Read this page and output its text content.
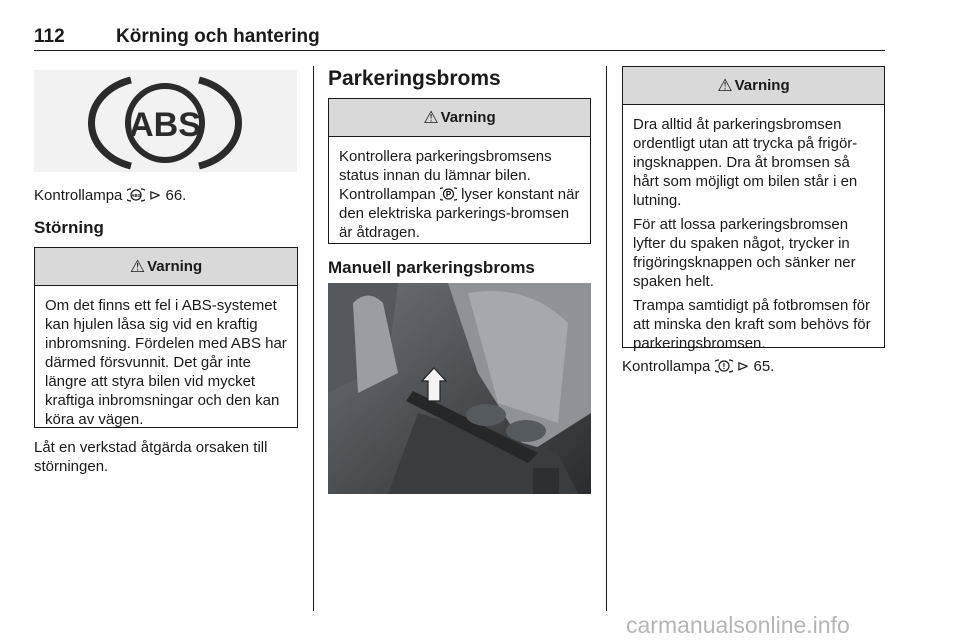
112	Körning och hantering
ABS
Kontrollampa ABS ⊳ 66.
Störning
⚠ Varning
Om det finns ett fel i ABS-systemet kan hjulen låsa sig vid en kraftig inbromsning. Fördelen med ABS har därmed försvunnit. Det går inte längre att styra bilen vid mycket kraftiga inbromsningar och den kan köra av vägen.
Låt en verkstad åtgärda orsaken till störningen.
Parkeringsbroms
⚠ Varning
Kontrollera parkeringsbromsens status innan du lämnar bilen. Kontrollampan P lyser konstant när den elektriska parkerings-bromsen är åtdragen.
Manuell parkeringsbroms
⚠ Varning

Dra alltid åt parkeringsbromsen ordentligt utan att trycka på frigör-ingsknappen. Dra åt bromsen så hårt som möjligt om bilen står i en lutning.

För att lossa parkeringsbromsen lyfter du spaken något, trycker in frigöringsknappen och sänker ner spaken helt.

Trampa samtidigt på fotbromsen för att minska den kraft som behövs för parkeringsbromsen.

Kontrollampa ! ⊳ 65.
carmanualsonline.info
